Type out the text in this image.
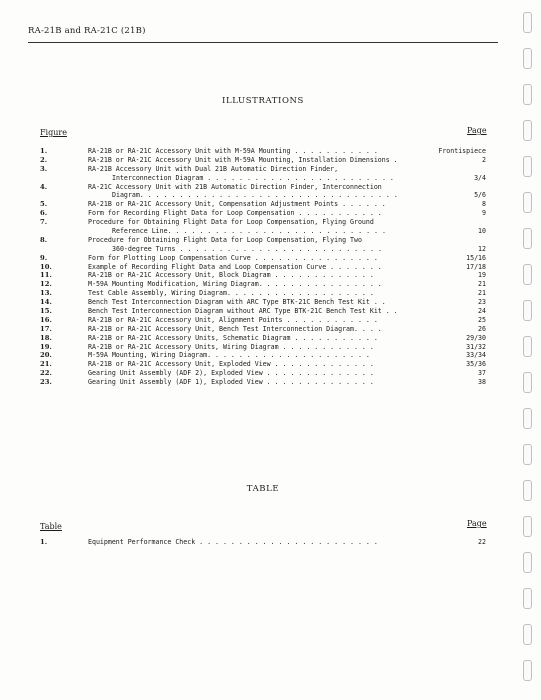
RA-21B and RA-21C (21B)
ILLUSTRATIONS
Figure	Page
1.	RA-21B or RA-21C Accessory Unit with M-59A Mounting . . . . . . . . . . .	Frontispiece
2.	RA-21B or RA-21C Accessory Unit with M-59A Mounting, Installation Dimensions .	2
3.	RA-21B Accessory Unit with Dual 21B Automatic Direction Finder,
Interconnection Diagram . . . . . . . . . . . . . . . . . . . . . . . .	3/4
4.	RA-21C Accessory Unit with 21B Automatic Direction Finder, Interconnection
Diagram. . . . . . . . . . . . . . . . . . . . . . . . . . . . . . . . .	5/6
5.	RA-21B or RA-21C Accessory Unit, Compensation Adjustment Points . . . . . .	8
6.	Form for Recording Flight Data for Loop Compensation . . . . . . . . . . .	9
7.	Procedure for Obtaining Flight Data for Loop Compensation, Flying Ground
Reference Line. . . . . . . . . . . . . . . . . . . . . . . . . . . .	10
8.	Procedure for Obtaining Flight Data for Loop Compensation, Flying Two
360-degree Turns . . . . . . . . . . . . . . . . . . . . . . . . . .	12
9.	Form for Plotting Loop Compensation Curve . . . . . . . . . . . . . . . .	15/16
10.	Example of Recording Flight Data and Loop Compensation Curve . . . . . . .	17/18
11.	RA-21B or RA-21C Accessory Unit, Block Diagram . . . . . . . . . . . . .	19
12.	M-59A Mounting Modification, Wiring Diagram. . . . . . . . . . . . . . . .	21
13.	Test Cable Assembly, Wiring Diagram. . . . . . . . . . . . . . . . . . .	21
14.	Bench Test Interconnection Diagram with ARC Type BTK-21C Bench Test Kit . .	23
15.	Bench Test Interconnection Diagram without ARC Type BTK-21C Bench Test Kit . .	24
16.	RA-21B or RA-21C Accessory Unit, Alignment Points . . . . . . . . . . . .	25
17.	RA-21B or RA-21C Accessory Unit, Bench Test Interconnection Diagram. . . .	26
18.	RA-21B or RA-21C Accessory Units, Schematic Diagram . . . . . . . . . . .	29/30
19.	RA-21B or RA-21C Accessory Units, Wiring Diagram . . . . . . . . . . . .	31/32
20.	M-59A Mounting, Wiring Diagram. . . . . . . . . . . . . . . . . . . . .	33/34
21.	RA-21B or RA-21C Accessory Unit, Exploded View . . . . . . . . . . . . .	35/36
22.	Gearing Unit Assembly (ADF 2), Exploded View . . . . . . . . . . . . . .	37
23.	Gearing Unit Assembly (ADF 1), Exploded View . . . . . . . . . . . . . .	38
TABLE
Table	Page
1.	Equipment Performance Check . . . . . . . . . . . . . . . . . . . . . . .	22
